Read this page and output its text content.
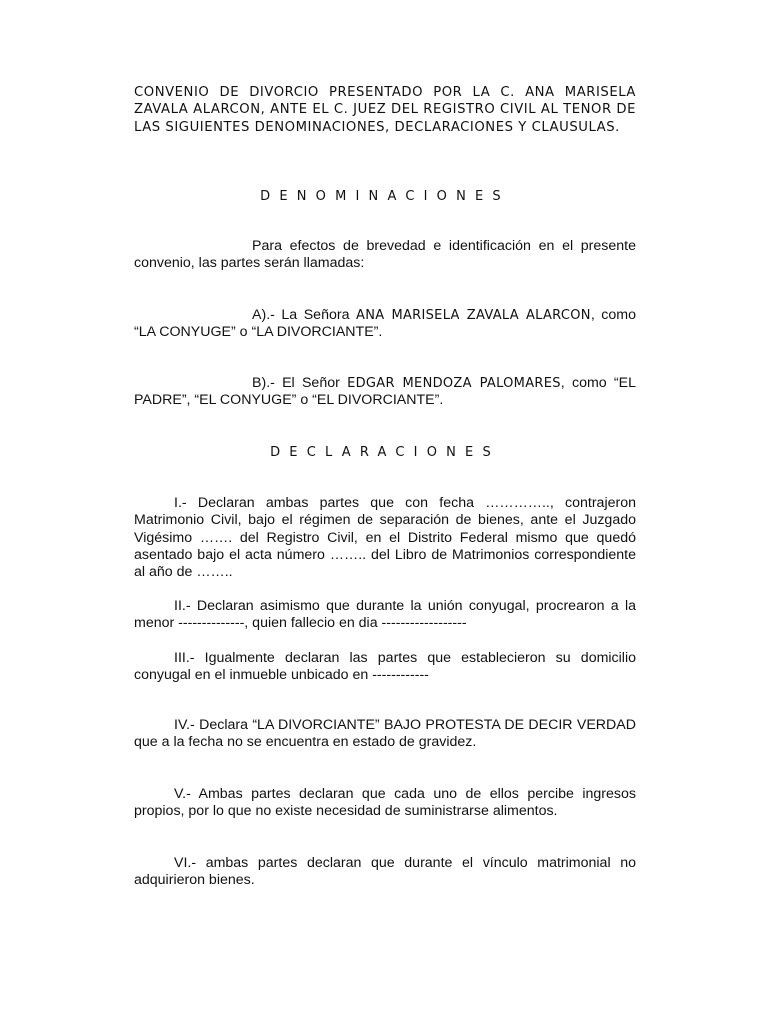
CONVENIO DE DIVORCIO PRESENTADO POR LA C. ANA MARISELA ZAVALA ALARCON, ANTE EL C. JUEZ DEL REGISTRO CIVIL AL TENOR DE LAS SIGUIENTES DENOMINACIONES, DECLARACIONES Y CLAUSULAS.

DENOMINACIONES

Para efectos de brevedad e identificación en el presente convenio, las partes serán llamadas:

A).- La Señora ANA MARISELA ZAVALA ALARCON, como “LA CONYUGE” o “LA DIVORCIANTE”.

B).- El Señor EDGAR MENDOZA PALOMARES, como “EL PADRE”, “EL CONYUGE” o “EL DIVORCIANTE”.

DECLARACIONES

I.- Declaran ambas partes que con fecha ………….., contrajeron Matrimonio Civil, bajo el régimen de separación de bienes, ante el Juzgado Vigésimo ……. del Registro Civil, en el Distrito Federal mismo que quedó asentado bajo el acta número …….. del Libro de Matrimonios correspondiente al año de ……..

II.- Declaran asimismo que durante la unión conyugal, procrearon a la menor --------------, quien fallecio en dia ------------------

III.- Igualmente declaran las partes que establecieron su domicilio conyugal en el inmueble unbicado en ------------

IV.- Declara “LA DIVORCIANTE” BAJO PROTESTA DE DECIR VERDAD que a la fecha no se encuentra en estado de gravidez.

V.- Ambas partes declaran que cada uno de ellos percibe ingresos propios, por lo que no existe necesidad de suministrarse alimentos.

VI.- ambas partes declaran que durante el vínculo matrimonial no adquirieron bienes.
